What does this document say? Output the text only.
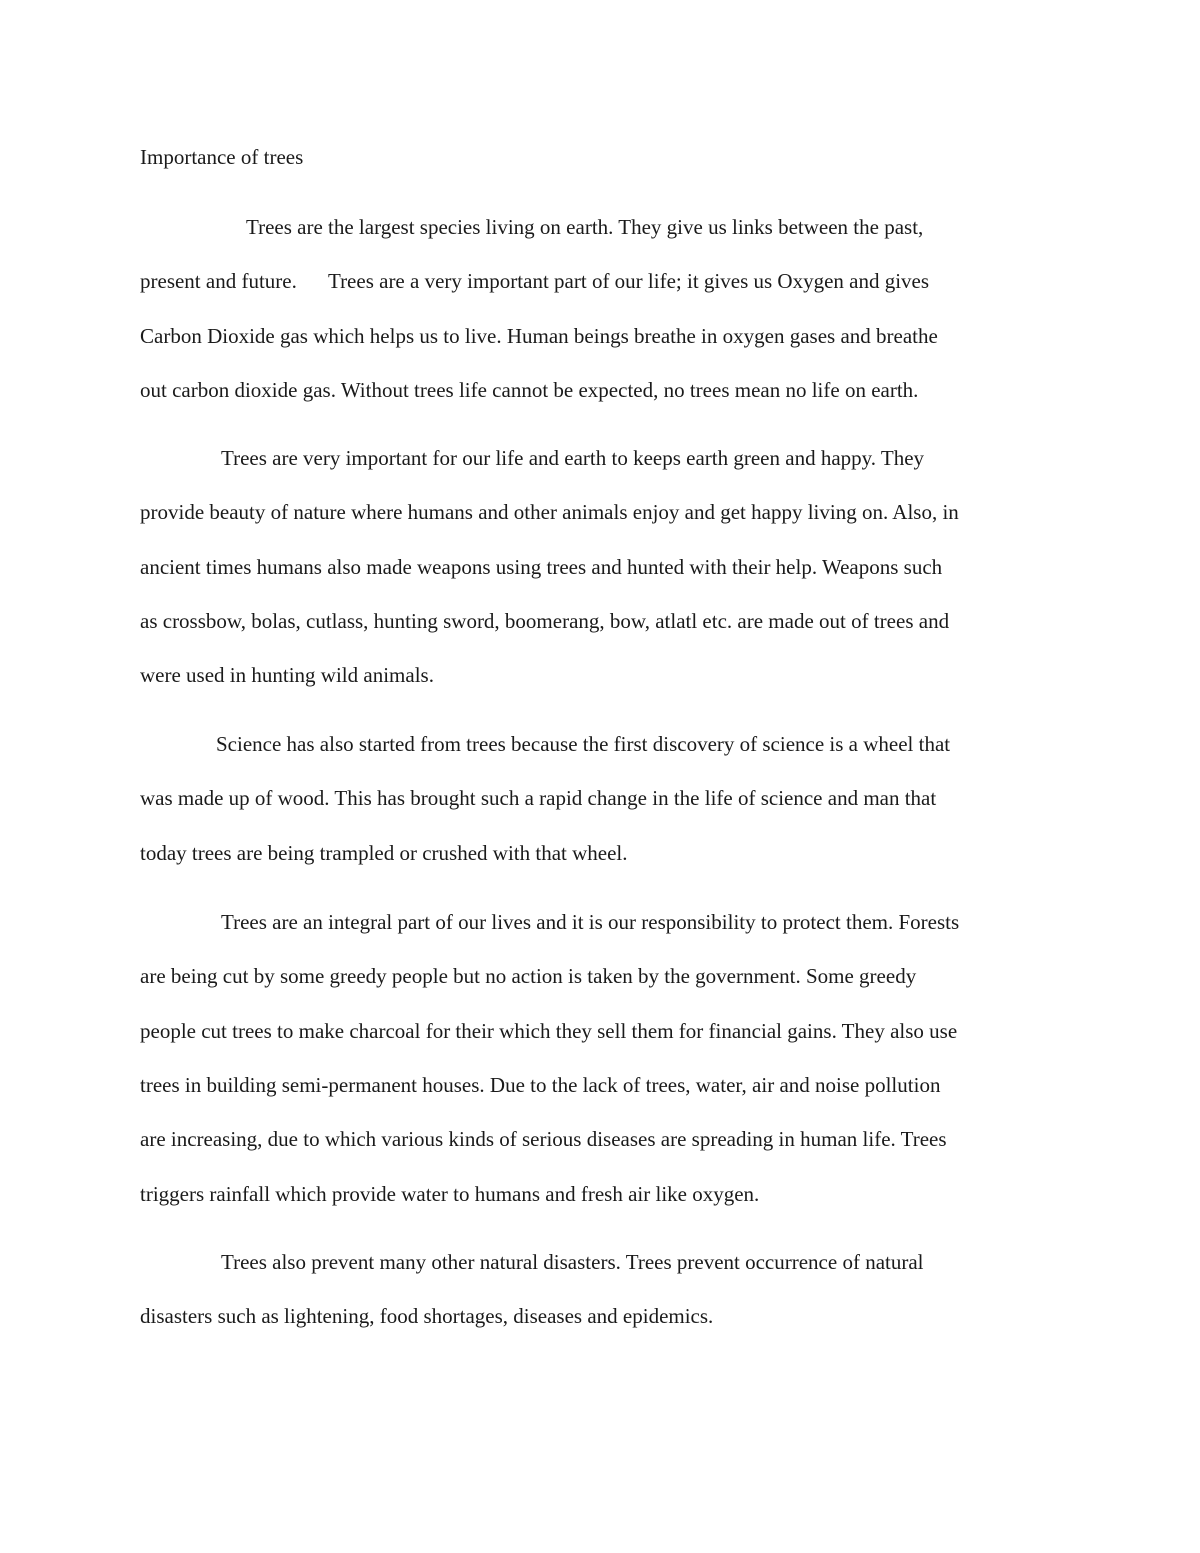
Importance of trees
Trees are the largest species living on earth. They give us links between the past,
present and future.      Trees are a very important part of our life; it gives us Oxygen and gives
Carbon Dioxide gas which helps us to live. Human beings breathe in oxygen gases and breathe
out carbon dioxide gas. Without trees life cannot be expected, no trees mean no life on earth.
Trees are very important for our life and earth to keeps earth green and happy. They
provide beauty of nature where humans and other animals enjoy and get happy living on. Also, in
ancient times humans also made weapons using trees and hunted with their help. Weapons such
as crossbow, bolas, cutlass, hunting sword, boomerang, bow, atlatl etc. are made out of trees and
were used in hunting wild animals.
Science has also started from trees because the first discovery of science is a wheel that
was made up of wood. This has brought such a rapid change in the life of science and man that
today trees are being trampled or crushed with that wheel.
Trees are an integral part of our lives and it is our responsibility to protect them. Forests
are being cut by some greedy people but no action is taken by the government. Some greedy
people cut trees to make charcoal for their which they sell them for financial gains. They also use
trees in building semi-permanent houses. Due to the lack of trees, water, air and noise pollution
are increasing, due to which various kinds of serious diseases are spreading in human life. Trees
triggers rainfall which provide water to humans and fresh air like oxygen.
Trees also prevent many other natural disasters. Trees prevent occurrence of natural
disasters such as lightening, food shortages, diseases and epidemics.
